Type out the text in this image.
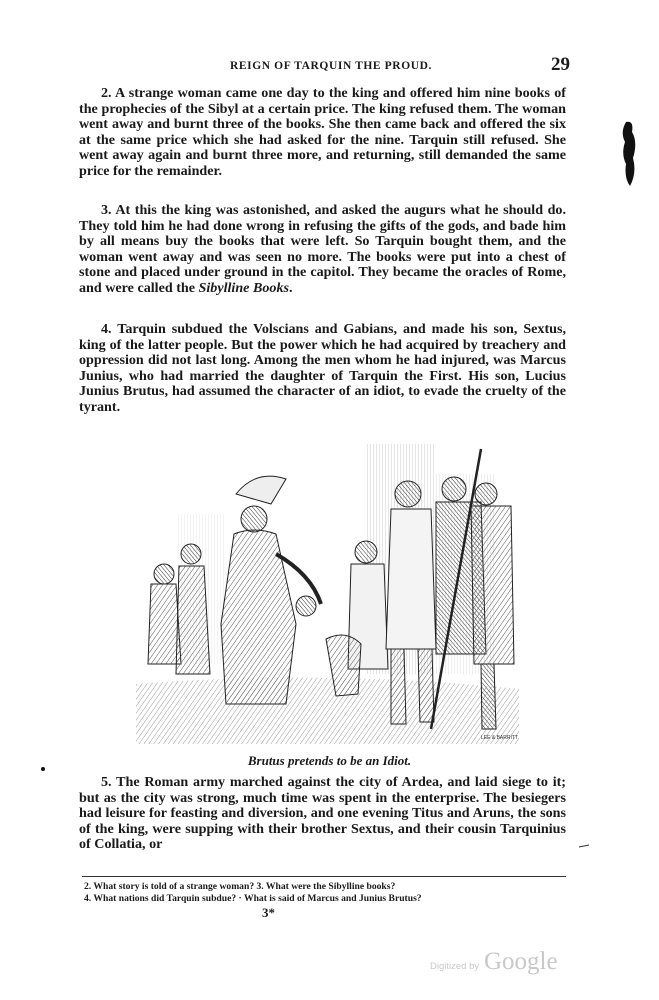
REIGN OF TARQUIN THE PROUD.	29

2. A strange woman came one day to the king and offered him nine books of the prophecies of the Sibyl at a certain price. The king refused them. The woman went away and burnt three of the books. She then came back and offered the six at the same price which she had asked for the nine. Tarquin still refused. She went away again and burnt three more, and returning, still demanded the same price for the remainder.

3. At this the king was astonished, and asked the augurs what he should do. They told him he had done wrong in refusing the gifts of the gods, and bade him by all means buy the books that were left. So Tarquin bought them, and the woman went away and was seen no more. The books were put into a chest of stone and placed under ground in the capitol. They became the oracles of Rome, and were called the Sibylline Books.

4. Tarquin subdued the Volscians and Gabians, and made his son, Sextus, king of the latter people. But the power which he had acquired by treachery and oppression did not last long. Among the men whom he had injured, was Marcus Junius, who had married the daughter of Tarquin the First. His son, Lucius Junius Brutus, had assumed the character of an idiot, to evade the cruelty of the tyrant.

LEE & BARRITT
Brutus pretends to be an Idiot.

5. The Roman army marched against the city of Ardea, and laid siege to it; but as the city was strong, much time was spent in the enterprise. The besiegers had leisure for feasting and diversion, and one evening Titus and Aruns, the sons of the king, were supping with their brother Sextus, and their cousin Tarquinius of Collatia, or

2. What story is told of a strange woman? 3. What were the Sibylline books?
4. What nations did Tarquin subdue? · What is said of Marcus and Junius Brutus?
3*
Digitized by Google
